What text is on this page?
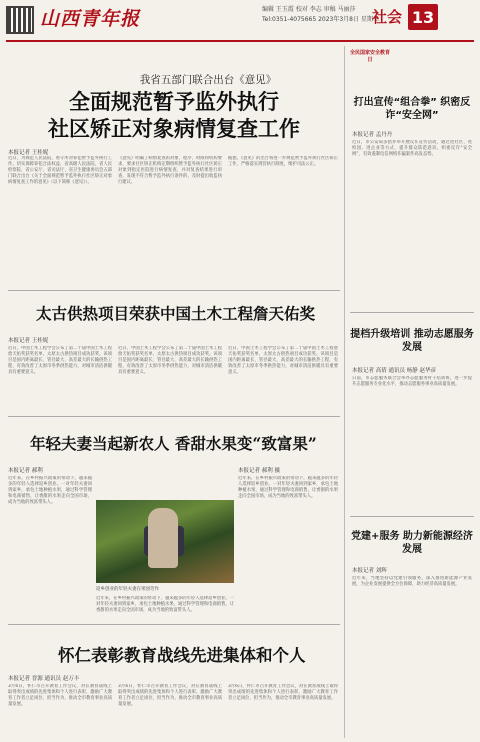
山西青年报	编辑 王玉霞 校对 李志 审稿 马丽莎
Tel:0351-4075665 2023年3月8日 星期三
社会 13
我省五部门联合出台《意见》
全面规范暂予监外执行
社区矫正对象病情复查工作
本报记者 王桂妮
近日，为规范人民法院、看守所对罪犯暂予监外执行工作，切实保障罪犯合法权益，省高级人民法院、省人民检察院、省公安厅、省司法厅、省卫生健康委员会五部门联合出台《关于全面规范暂予监外执行社区矫正对象病情复查工作的意见》（以下简称《意见》）。
《意见》明确了病情复查的对象、程序、时限和机构要求，要求社区矫正机构定期组织暂予监外执行社区矫正对象到指定医院进行病情复查，并对复查结果进行审查，发现不符合暂予监外执行条件的，及时提出收监执行建议。
据悉，《意见》的出台将进一步规范暂予监外执行社区矫正工作，严格落实刑罚执行制度，维护司法公正。
太古供热项目荣获中国土木工程詹天佑奖
本报记者 王桂妮
近日，中国土木工程学会公布了第二十届中国土木工程詹天佑奖获奖名单，太原太古供热项目成功获奖。该项目是国内距离最长、管径最大、高差最大的长输供热工程，有效改善了太原市冬季供热能力，对城市清洁供暖具有重要意义。
近日，中国土木工程学会公布了第二十届中国土木工程詹天佑奖获奖名单，太原太古供热项目成功获奖。该项目是国内距离最长、管径最大、高差最大的长输供热工程，有效改善了太原市冬季供热能力，对城市清洁供暖具有重要意义。
近日，中国土木工程学会公布了第二十届中国土木工程詹天佑奖获奖名单，太原太古供热项目成功获奖。该项目是国内距离最长、管径最大、高差最大的长输供热工程，有效改善了太原市冬季供热能力，对城市清洁供暖具有重要意义。
年轻夫妻当起新农人 香甜水果变“致富果”
本报记者 郝利
近年来，在乡村振兴政策的带动下，越来越多的年轻人选择返乡创业。一对年轻夫妻回到家乡，承包土地种植水果，通过科学管理和电商销售，让香甜的水果走向全国市场，成为当地的致富带头人。
本报记者 郝利 摄
近年来，在乡村振兴政策的带动下，越来越多的年轻人选择返乡创业。一对年轻夫妻回到家乡，承包土地种植水果，通过科学管理和电商销售，让香甜的水果走向全国市场，成为当地的致富带头人。
返乡创业的年轻夫妻在果园劳作
近年来，在乡村振兴政策的带动下，越来越多的年轻人选择返乡创业。一对年轻夫妻回到家乡，承包土地种植水果，通过科学管理和电商销售，让香甜的水果走向全国市场，成为当地的致富带头人。
怀仁表彰教育战线先进集体和个人
本报记者 晋源 通讯员 赵万丰
3月6日，怀仁市召开教育工作会议，对在教育战线上取得突出成绩的先进集体和个人进行表彰，激励广大教育工作者立足岗位、担当作为，推动全市教育事业高质量发展。
3月6日，怀仁市召开教育工作会议，对在教育战线上取得突出成绩的先进集体和个人进行表彰，激励广大教育工作者立足岗位、担当作为，推动全市教育事业高质量发展。
3月6日，怀仁市召开教育工作会议，对在教育战线上取得突出成绩的先进集体和个人进行表彰，激励广大教育工作者立足岗位、担当作为，推动全市教育事业高质量发展。
全民国家安全教育日
打出宣传“组合拳” 织密反诈“安全网”
本报记者 孟丹丹
近日，市公安局多措并举开展反诈宣传活动，通过进社区、进校园、进企业等方式，提升群众防范意识，织密反诈“安全网”，有效遏制电信网络诈骗案件高发态势。
提档升级培训 推动志愿服务发展
本报记者 高倩 通讯员 杨静 赵华彦
日前，市志愿服务联合会举办志愿服务骨干培训班，进一步提升志愿服务专业化水平，推动志愿服务事业高质量发展。
党建+服务 助力新能源经济发展
本报记者 刘辉
近年来，当地坚持以党建引领服务，深入推进新能源产业发展，为企业发展提供全方位保障，助力经济高质量发展。
